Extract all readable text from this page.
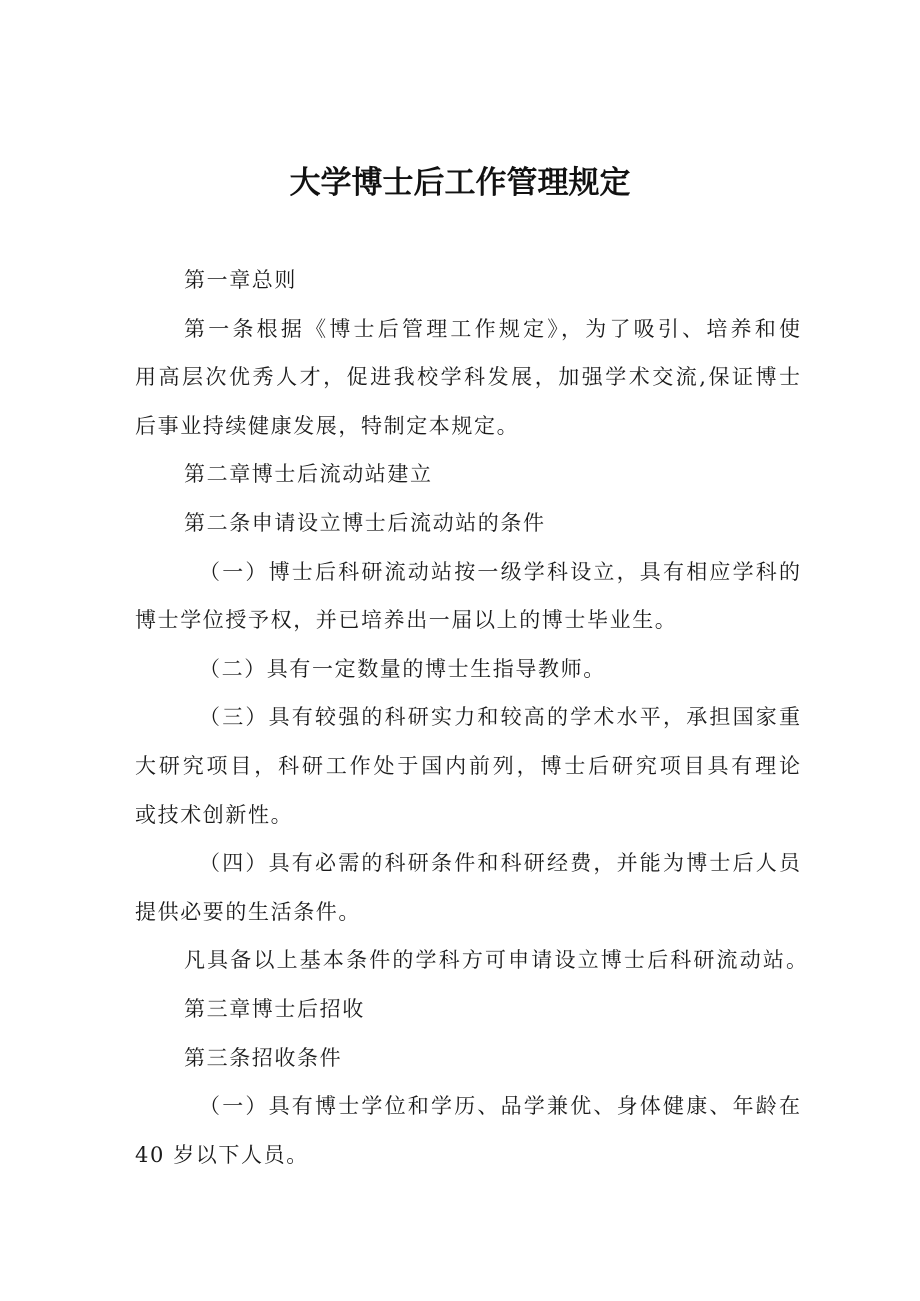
大学博士后工作管理规定
第一章总则
第一条根据《博士后管理工作规定》，为了吸引、培养和使
用高层次优秀人才，促进我校学科发展，加强学术交流,保证博士
后事业持续健康发展，特制定本规定。
第二章博士后流动站建立
第二条申请设立博士后流动站的条件
（一）博士后科研流动站按一级学科设立，具有相应学科的
博士学位授予权，并已培养出一届以上的博士毕业生。
（二）具有一定数量的博士生指导教师。
（三）具有较强的科研实力和较高的学术水平，承担国家重
大研究项目，科研工作处于国内前列，博士后研究项目具有理论
或技术创新性。
（四）具有必需的科研条件和科研经费，并能为博士后人员
提供必要的生活条件。
凡具备以上基本条件的学科方可申请设立博士后科研流动站。
第三章博士后招收
第三条招收条件
（一）具有博士学位和学历、品学兼优、身体健康、年龄在
40 岁以下人员。
